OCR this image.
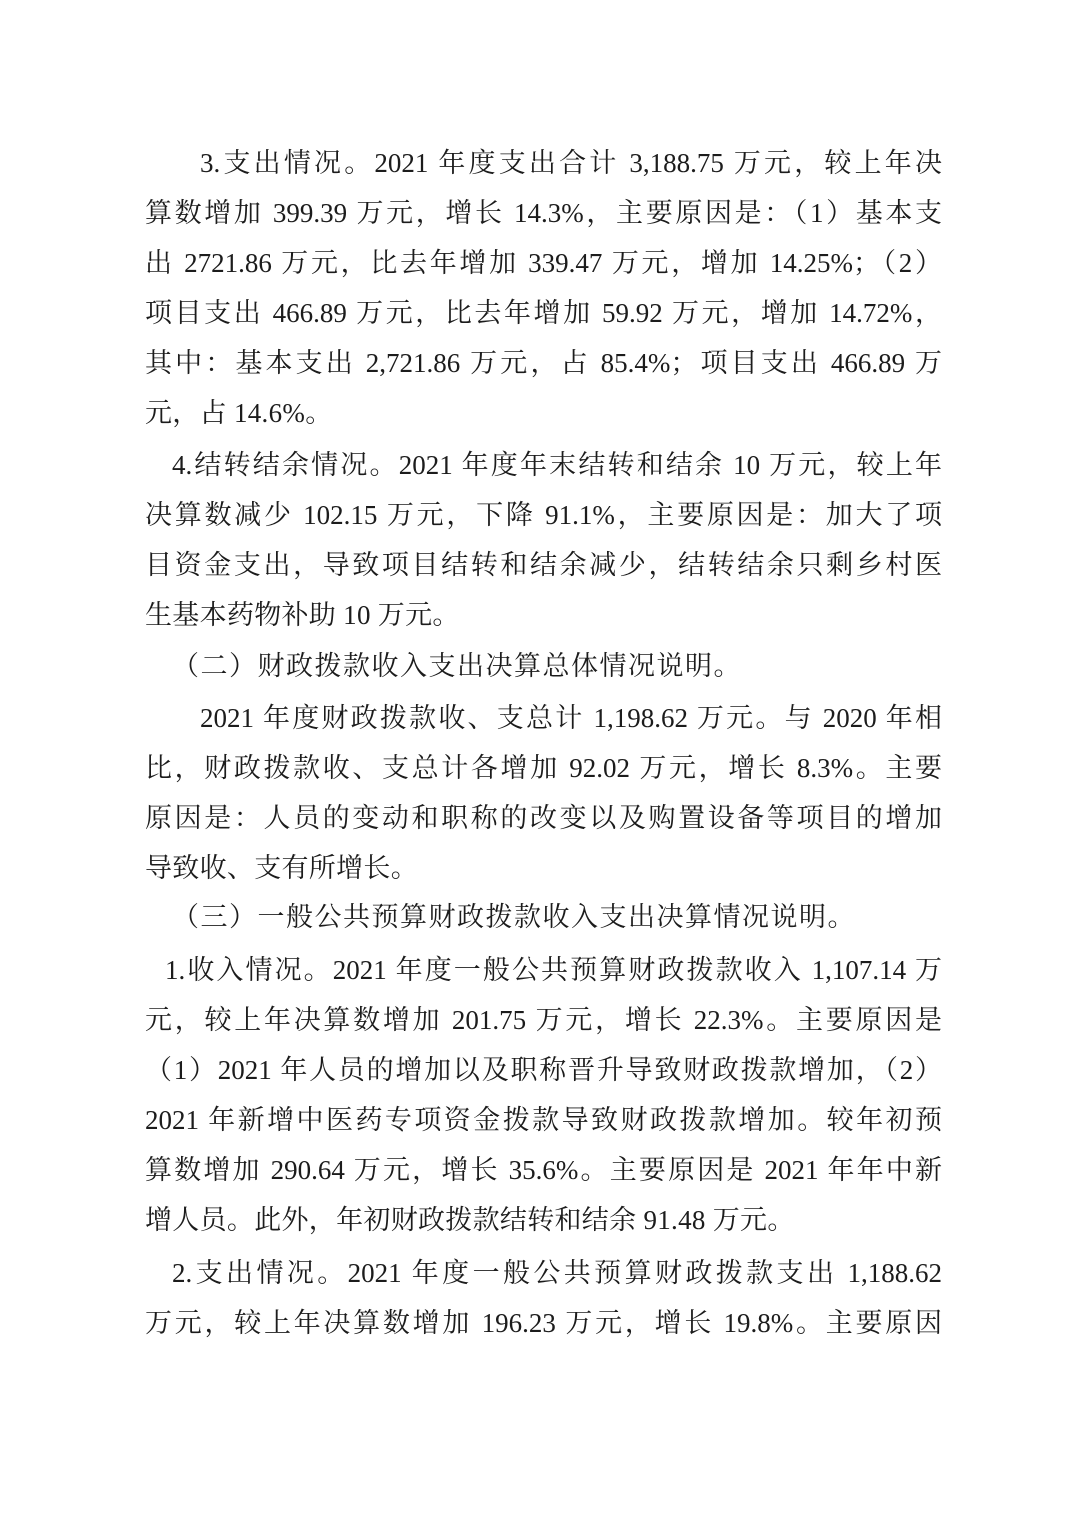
3.支出情况。2021 年度支出合计 3,188.75 万元，较上年决
算数增加 399.39 万元，增长 14.3%，主要原因是：（1）基本支
出 2721.86 万元，比去年增加 339.47 万元，增加 14.25%；（2）
项目支出 466.89 万元，比去年增加 59.92 万元，增加 14.72%，
其中：基本支出 2,721.86 万元，占 85.4%；项目支出 466.89 万
元，占 14.6%。
4.结转结余情况。2021 年度年末结转和结余 10 万元，较上年
决算数减少 102.15 万元，下降 91.1%，主要原因是：加大了项
目资金支出，导致项目结转和结余减少，结转结余只剩乡村医
生基本药物补助 10 万元。
（二）财政拨款收入支出决算总体情况说明。
2021 年度财政拨款收、支总计 1,198.62 万元。与 2020 年相
比，财政拨款收、支总计各增加 92.02 万元，增长 8.3%。主要
原因是：人员的变动和职称的改变以及购置设备等项目的增加
导致收、支有所增长。
（三）一般公共预算财政拨款收入支出决算情况说明。
1.收入情况。2021 年度一般公共预算财政拨款收入 1,107.14 万
元，较上年决算数增加 201.75 万元，增长 22.3%。主要原因是
（1）2021 年人员的增加以及职称晋升导致财政拨款增加，（2）
2021 年新增中医药专项资金拨款导致财政拨款增加。较年初预
算数增加 290.64 万元，增长 35.6%。主要原因是 2021 年年中新
增人员。此外，年初财政拨款结转和结余 91.48 万元。
2.支出情况。2021 年度一般公共预算财政拨款支出 1,188.62
万元，较上年决算数增加 196.23 万元，增长 19.8%。主要原因
